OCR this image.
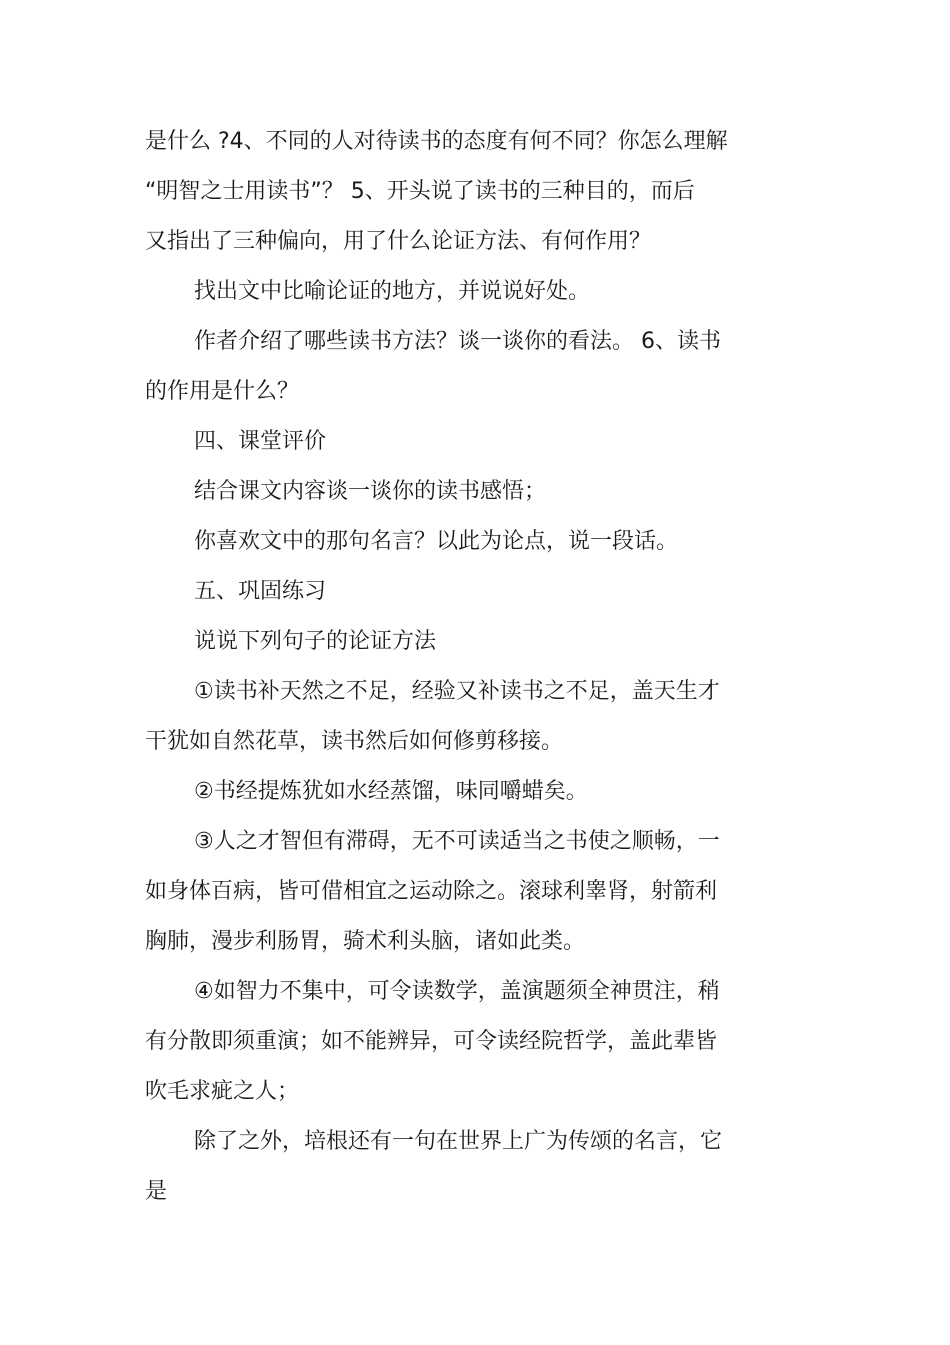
是什么 ?4、不同的人对待读书的态度有何不同？你怎么理解
“明智之士用读书”？ 5、开头说了读书的三种目的，而后
又指出了三种偏向，用了什么论证方法、有何作用？
找出文中比喻论证的地方，并说说好处。
作者介绍了哪些读书方法？谈一谈你的看法。 6、读书
的作用是什么？
四、课堂评价
结合课文内容谈一谈你的读书感悟；
你喜欢文中的那句名言？以此为论点，说一段话。
五、巩固练习
说说下列句子的论证方法
①读书补天然之不足，经验又补读书之不足，盖天生才
干犹如自然花草，读书然后如何修剪移接。
②书经提炼犹如水经蒸馏，味同嚼蜡矣。
③人之才智但有滞碍，无不可读适当之书使之顺畅，一
如身体百病，皆可借相宜之运动除之。滚球利睾肾，射箭利
胸肺，漫步利肠胃，骑术利头脑，诸如此类。
④如智力不集中，可令读数学，盖演题须全神贯注，稍
有分散即须重演；如不能辨异，可令读经院哲学，盖此辈皆
吹毛求疵之人；
除了之外，培根还有一句在世界上广为传颂的名言，它
是
